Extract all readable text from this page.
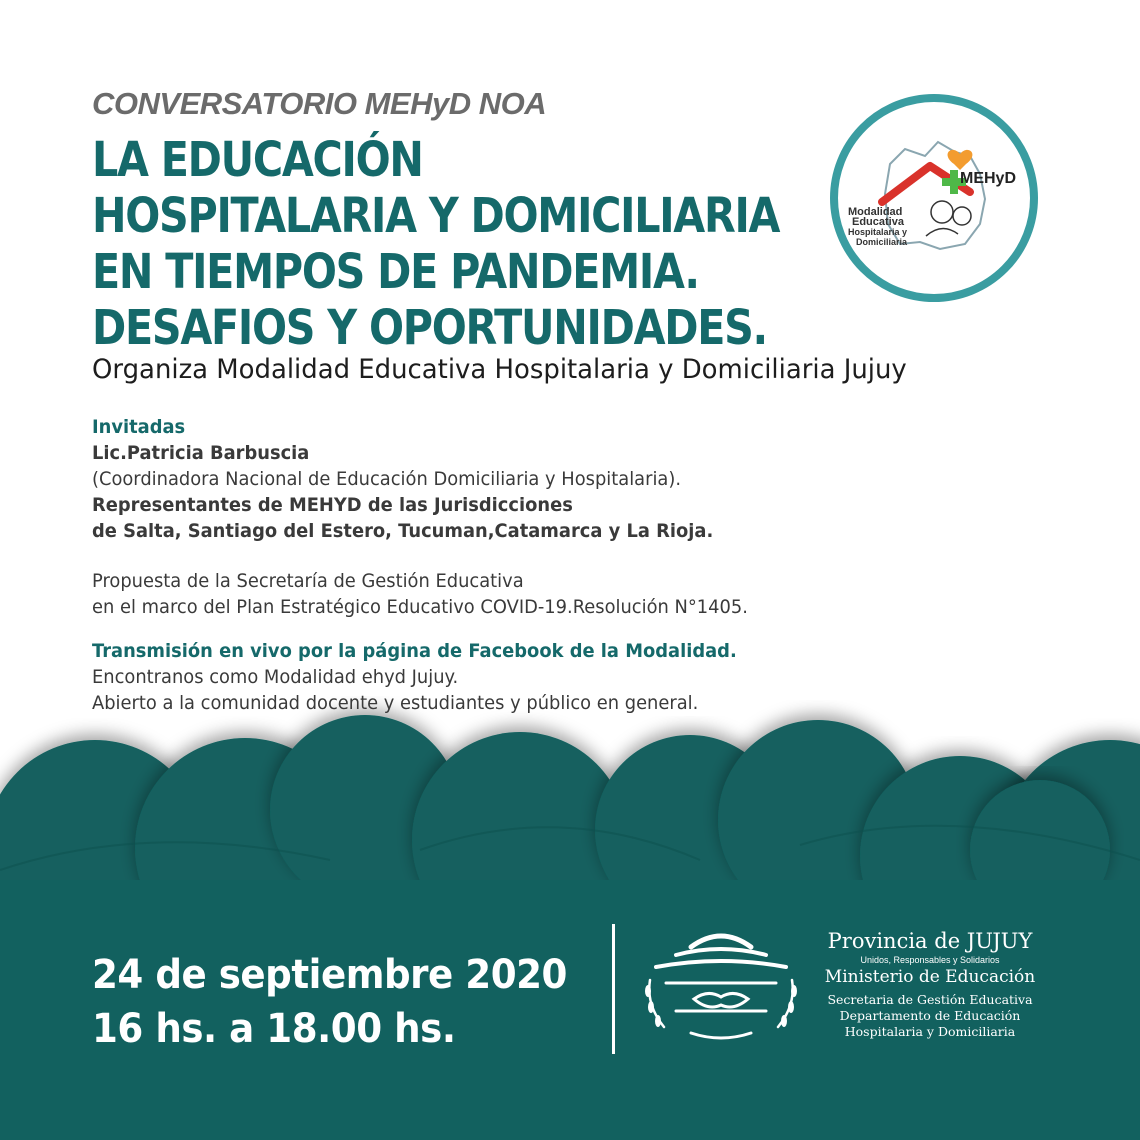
CONVERSATORIO MEHyD NOA
LA EDUCACIÓN
HOSPITALARIA Y DOMICILIARIA
EN TIEMPOS DE PANDEMIA.
DESAFIOS Y OPORTUNIDADES.
Organiza Modalidad Educativa Hospitalaria y Domiciliaria Jujuy
MEHyD
Modalidad
Educativa
Hospitalaria y
Domiciliaria
Invitadas
Lic.Patricia Barbuscia
(Coordinadora Nacional de Educación Domiciliaria y Hospitalaria).
Representantes de MEHYD de las Jurisdicciones
de Salta, Santiago del Estero, Tucuman,Catamarca y La Rioja.
Propuesta de la Secretaría de Gestión Educativa
en el marco del Plan Estratégico Educativo COVID-19.Resolución N°1405.
Transmisión en vivo por la página de Facebook de la Modalidad.
Encontranos como Modalidad ehyd Jujuy.
Abierto a la comunidad docente y estudiantes y público en general.
24 de septiembre 2020
16 hs. a 18.00 hs.
Provincia de JUJUY
Unidos, Responsables y Solidarios
Ministerio de Educación
Secretaria de Gestión Educativa
Departamento de Educación
Hospitalaria y Domiciliaria
